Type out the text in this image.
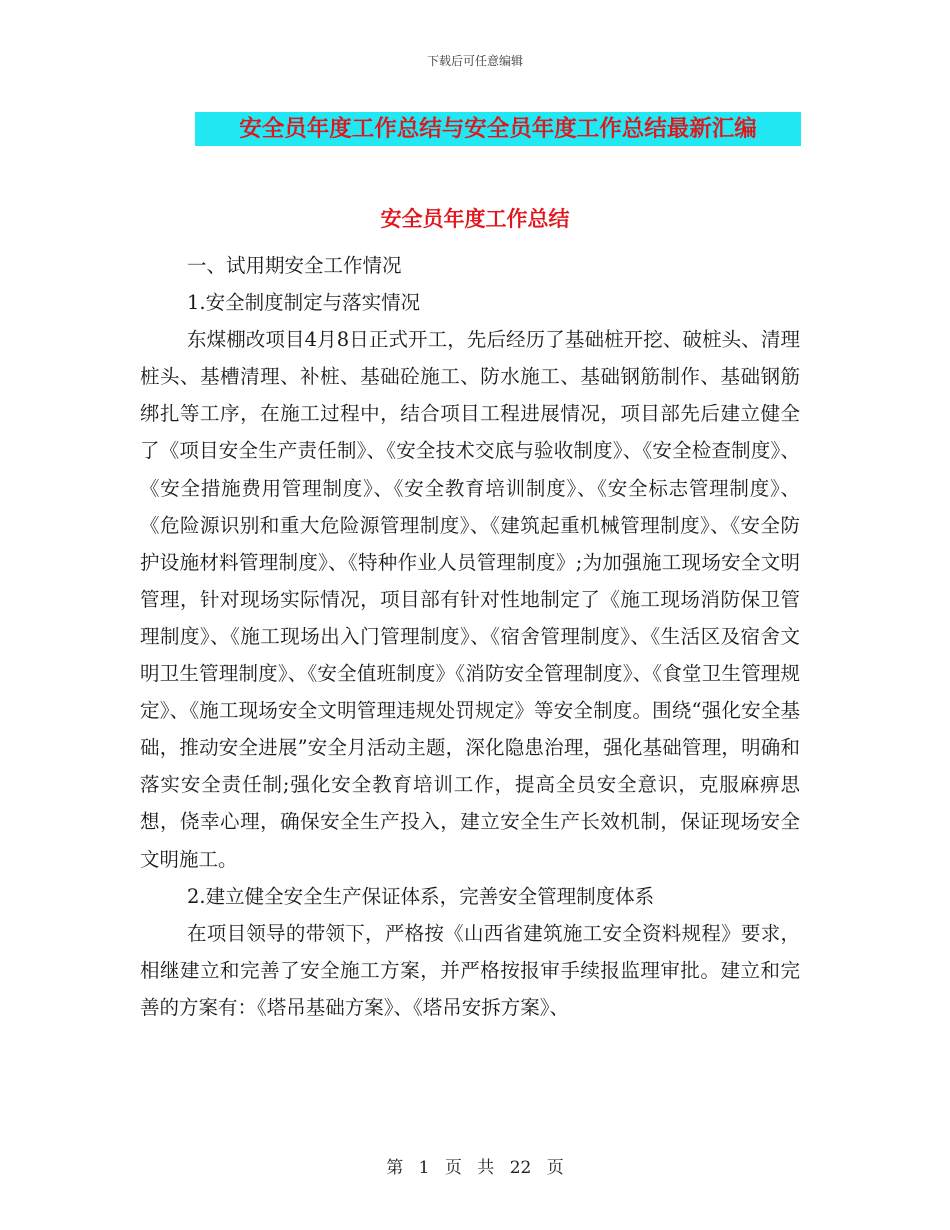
下载后可任意编辑
安全员年度工作总结与安全员年度工作总结最新汇编
安全员年度工作总结

一、试用期安全工作情况

1.安全制度制定与落实情况

东煤棚改项目4月8日正式开工，先后经历了基础桩开挖、破桩头、清理桩头、基槽清理、补桩、基础砼施工、防水施工、基础钢筋制作、基础钢筋绑扎等工序，在施工过程中，结合项目工程进展情况，项目部先后建立健全了《项目安全生产责任制》、《安全技术交底与验收制度》、《安全检查制度》、《安全措施费用管理制度》、《安全教育培训制度》、《安全标志管理制度》、《危险源识别和重大危险源管理制度》、《建筑起重机械管理制度》、《安全防护设施材料管理制度》、《特种作业人员管理制度》;为加强施工现场安全文明管理，针对现场实际情况，项目部有针对性地制定了《施工现场消防保卫管理制度》、《施工现场出入门管理制度》、《宿舍管理制度》、《生活区及宿舍文明卫生管理制度》、《安全值班制度》《消防安全管理制度》、《食堂卫生管理规定》、《施工现场安全文明管理违规处罚规定》等安全制度。围绕“强化安全基础，推动安全进展”安全月活动主题，深化隐患治理，强化基础管理，明确和落实安全责任制;强化安全教育培训工作，提高全员安全意识，克服麻痹思想，侥幸心理，确保安全生产投入，建立安全生产长效机制，保证现场安全文明施工。

2.建立健全安全生产保证体系，完善安全管理制度体系

在项目领导的带领下，严格按《山西省建筑施工安全资料规程》要求，相继建立和完善了安全施工方案，并严格按报审手续报监理审批。建立和完善的方案有：《塔吊基础方案》、《塔吊安拆方案》、

第 1 页 共 22 页
